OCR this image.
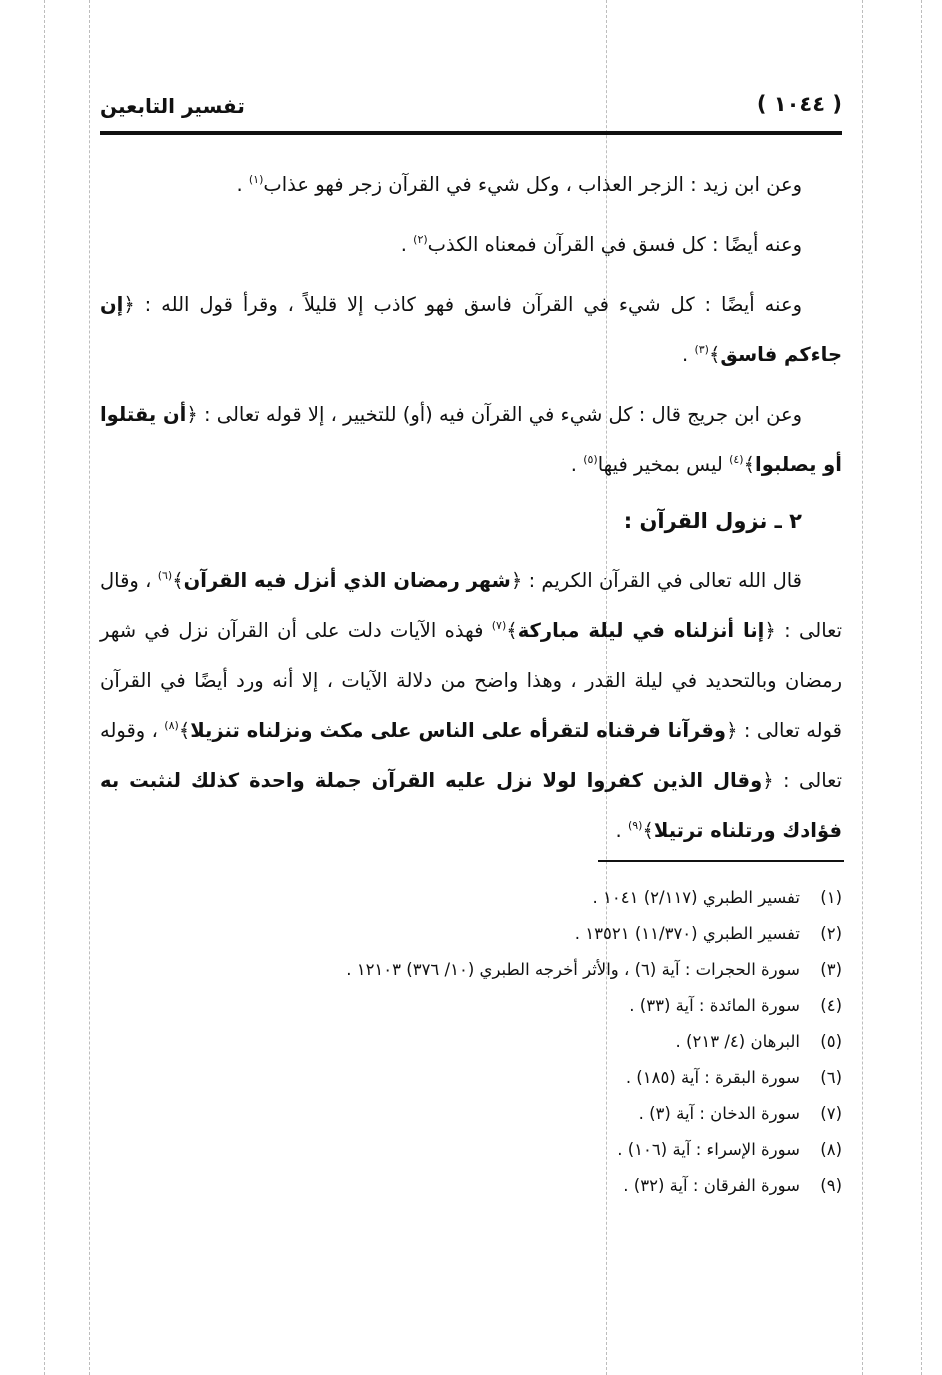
تفسير التابعين	( ١٠٤٤ )

وعن ابن زيد : الزجر العذاب ، وكل شيء في القرآن زجر فهو عذاب$^{(١)}$ .

وعنه أيضًا : كل فسق في القرآن فمعناه الكذب$^{(٢)}$ .

وعنه أيضًا : كل شيء في القرآن فاسق فهو كاذب إلا قليلاً ، وقرأ قول الله : ﴿إن جاءكم فاسق﴾$^{(٣)}$ .

وعن ابن جريج قال : كل شيء في القرآن فيه (أو) للتخيير ، إلا قوله تعالى : ﴿أن يقتلوا أو يصلبوا﴾$^{(٤)}$ ليس بمخير فيها$^{(٥)}$ .

٢ ـ نزول القرآن :

قال الله تعالى في القرآن الكريم : ﴿شهر رمضان الذي أنزل فيه القرآن﴾$^{(٦)}$ ، وقال تعالى : ﴿إنا أنزلناه في ليلة مباركة﴾$^{(٧)}$ فهذه الآيات دلت على أن القرآن نزل في شهر رمضان وبالتحديد في ليلة القدر ، وهذا واضح من دلالة الآيات ، إلا أنه ورد أيضًا في القرآن قوله تعالى : ﴿وقرآنا فرقناه لتقرأه على الناس على مكث ونزلناه تنزيلا﴾$^{(٨)}$ ، وقوله تعالى : ﴿وقال الذين كفروا لولا نزل عليه القرآن جملة واحدة كذلك لنثبت به فؤادك ورتلناه ترتيلا﴾$^{(٩)}$ .

(١)تفسير الطبري (٢/١١٧) ١٠٤١ .
(٢)تفسير الطبري (١١/٣٧٠) ١٣٥٢١ .
(٣)سورة الحجرات : آية (٦) ، والأثر أخرجه الطبري (١٠/ ٣٧٦) ١٢١٠٣ .
(٤)سورة المائدة : آية (٣٣) .
(٥)البرهان (٤/ ٢١٣) .
(٦)سورة البقرة : آية (١٨٥) .
(٧)سورة الدخان : آية (٣) .
(٨)سورة الإسراء : آية (١٠٦) .
(٩)سورة الفرقان : آية (٣٢) .
